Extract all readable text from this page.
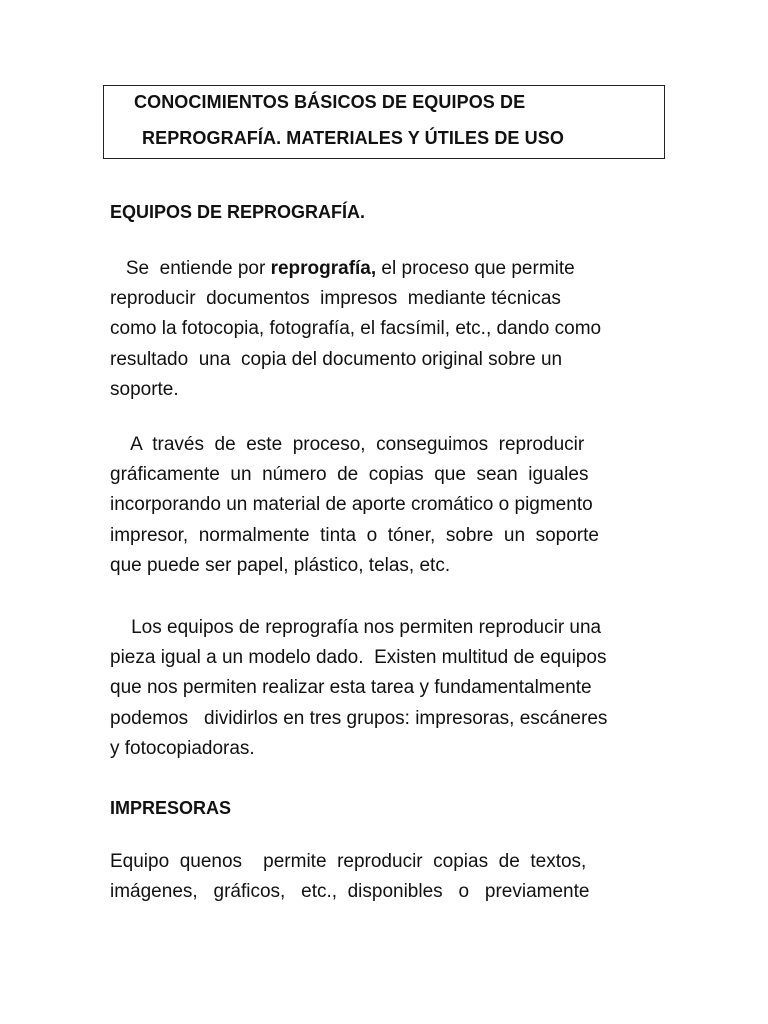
CONOCIMIENTOS BÁSICOS DE EQUIPOS DE
REPROGRAFÍA. MATERIALES Y ÚTILES DE USO
EQUIPOS DE REPROGRAFÍA.
Se  entiende por reprografía, el proceso que permite
reproducir  documentos  impresos  mediante técnicas
como la fotocopia, fotografía, el facsímil, etc., dando como
resultado  una  copia del documento original sobre un
soporte.
A  través  de  este  proceso,  conseguimos  reproducir
gráficamente  un  número  de  copias  que  sean  iguales
incorporando un material de aporte cromático o pigmento
impresor,  normalmente  tinta  o  tóner,  sobre  un  soporte
que puede ser papel, plástico, telas, etc.
Los equipos de reprografía nos permiten reproducir una
pieza igual a un modelo dado.  Existen multitud de equipos
que nos permiten realizar esta tarea y fundamentalmente
podemos   dividirlos en tres grupos: impresoras, escáneres
y fotocopiadoras.
IMPRESORAS
Equipo  quenos    permite  reproducir  copias  de  textos,
imágenes,   gráficos,   etc.,  disponibles   o   previamente
